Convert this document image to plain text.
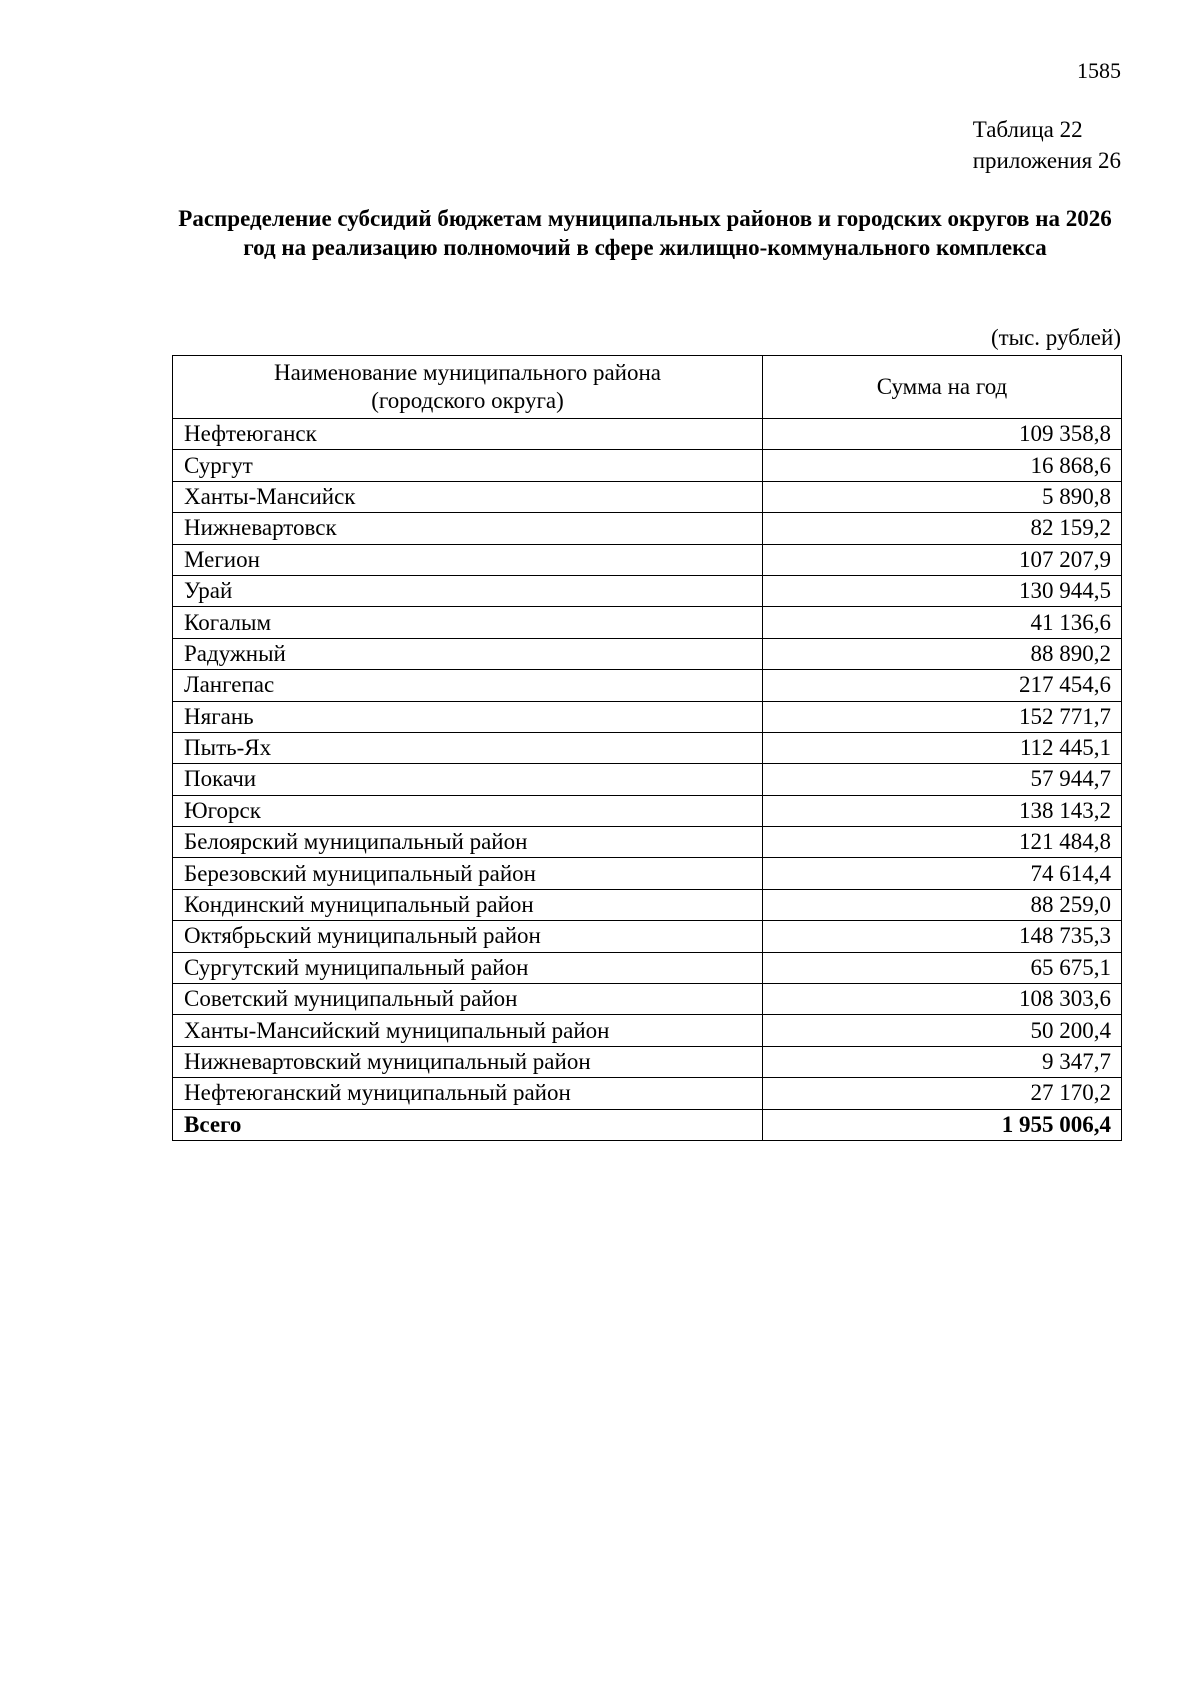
1585
Таблица 22
приложения 26
Распределение субсидий бюджетам муниципальных районов и городских округов на 2026 год на реализацию полномочий в сфере жилищно-коммунального комплекса
(тыс. рублей)
Наименование муниципального района
(городского округа)	Сумма на год
Нефтеюганск	109 358,8
Сургут	16 868,6
Ханты-Мансийск	5 890,8
Нижневартовск	82 159,2
Мегион	107 207,9
Урай	130 944,5
Когалым	41 136,6
Радужный	88 890,2
Лангепас	217 454,6
Нягань	152 771,7
Пыть-Ях	112 445,1
Покачи	57 944,7
Югорск	138 143,2
Белоярский муниципальный район	121 484,8
Березовский муниципальный район	74 614,4
Кондинский муниципальный район	88 259,0
Октябрьский муниципальный район	148 735,3
Сургутский муниципальный район	65 675,1
Советский муниципальный район	108 303,6
Ханты-Мансийский муниципальный район	50 200,4
Нижневартовский муниципальный район	9 347,7
Нефтеюганский муниципальный район	27 170,2
Всего	1 955 006,4
